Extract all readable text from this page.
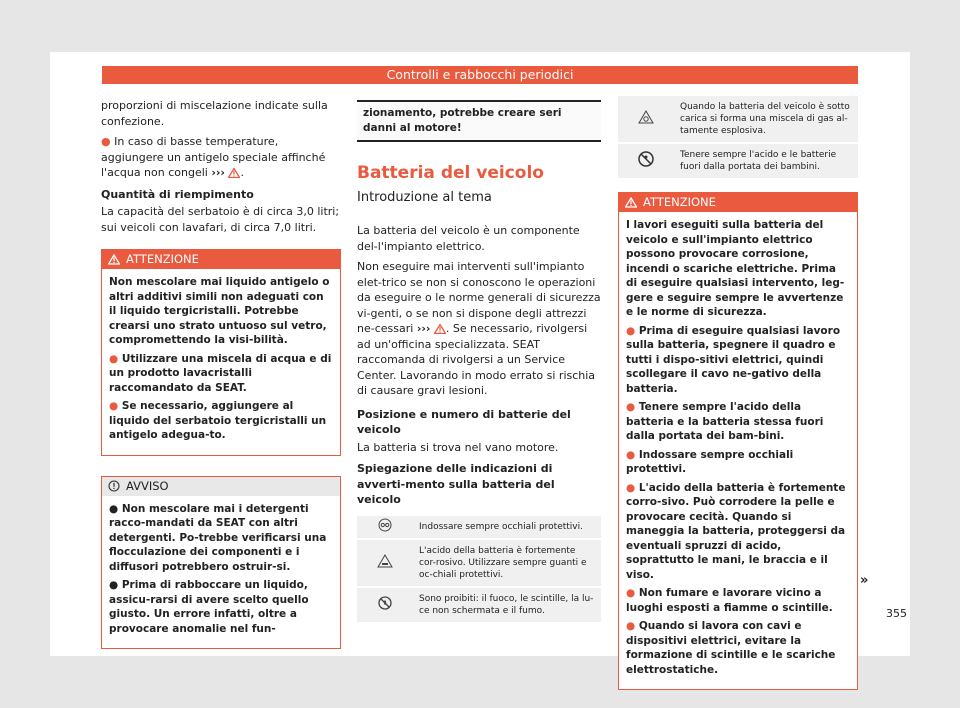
Controlli e rabbocchi periodici

proporzioni di miscelazione indicate sulla confezione.

● In caso di basse temperature, aggiungere un antigelo speciale affinché l'acqua non congeli ››› .

Quantità di riempimento

La capacità del serbatoio è di circa 3,0 litri; sui veicoli con lavafari, di circa 7,0 litri.

ATTENZIONE

Non mescolare mai liquido antigelo o altri additivi simili non adeguati con il liquido tergicristalli. Potrebbe crearsi uno strato untuoso sul vetro, compromettendo la visi-bilità.

● Utilizzare una miscela di acqua e di un prodotto lavacristalli raccomandato da SEAT.

● Se necessario, aggiungere al liquido del serbatoio tergicristalli un antigelo adegua-to.

AVVISO

● Non mescolare mai i detergenti racco-mandati da SEAT con altri detergenti. Po-trebbe verificarsi una flocculazione dei componenti e i diffusori potrebbero ostruir-si.

● Prima di rabboccare un liquido, assicu-rarsi di avere scelto quello giusto. Un errore infatti, oltre a provocare anomalie nel fun-

zionamento, potrebbe creare seri danni al motore!
Batteria del veicolo
Introduzione al tema

La batteria del veicolo è un componente del-l'impianto elettrico.

Non eseguire mai interventi sull'impianto elet-trico se non si conoscono le operazioni da eseguire o le norme generali di sicurezza vi-genti, o se non si dispone degli attrezzi ne-cessari ››› . Se necessario, rivolgersi ad un'officina specializzata. SEAT raccomanda di rivolgersi a un Service Center. Lavorando in modo errato si rischia di causare gravi lesioni.

Posizione e numero di batterie del veicolo

La batteria si trova nel vano motore.

Spiegazione delle indicazioni di avverti-mento sulla batteria del veicolo

	Indossare sempre occhiali protettivi.
	L'acido della batteria è fortemente cor-rosivo. Utilizzare sempre guanti e oc-chiali protettivi.
	Sono proibiti: il fuoco, le scintille, la lu-ce non schermata e il fumo.
	Quando la batteria del veicolo è sotto carica si forma una miscela di gas al-tamente esplosiva.
	Tenere sempre l'acido e le batterie fuori dalla portata dei bambini.
ATTENZIONE

I lavori eseguiti sulla batteria del veicolo e sull'impianto elettrico possono provocare corrosione, incendi o scariche elettriche. Prima di eseguire qualsiasi intervento, leg-gere e seguire sempre le avvertenze e le norme di sicurezza.

● Prima di eseguire qualsiasi lavoro sulla batteria, spegnere il quadro e tutti i dispo-sitivi elettrici, quindi scollegare il cavo ne-gativo della batteria.

● Tenere sempre l'acido della batteria e la batteria stessa fuori dalla portata dei bam-bini.

● Indossare sempre occhiali protettivi.

● L'acido della batteria è fortemente corro-sivo. Può corrodere la pelle e provocare cecità. Quando si maneggia la batteria, proteggersi da eventuali spruzzi di acido, soprattutto le mani, le braccia e il viso.

● Non fumare e lavorare vicino a luoghi esposti a fiamme o scintille.

● Quando si lavora con cavi e dispositivi elettrici, evitare la formazione di scintille e le scariche elettrostatiche.

»
355
